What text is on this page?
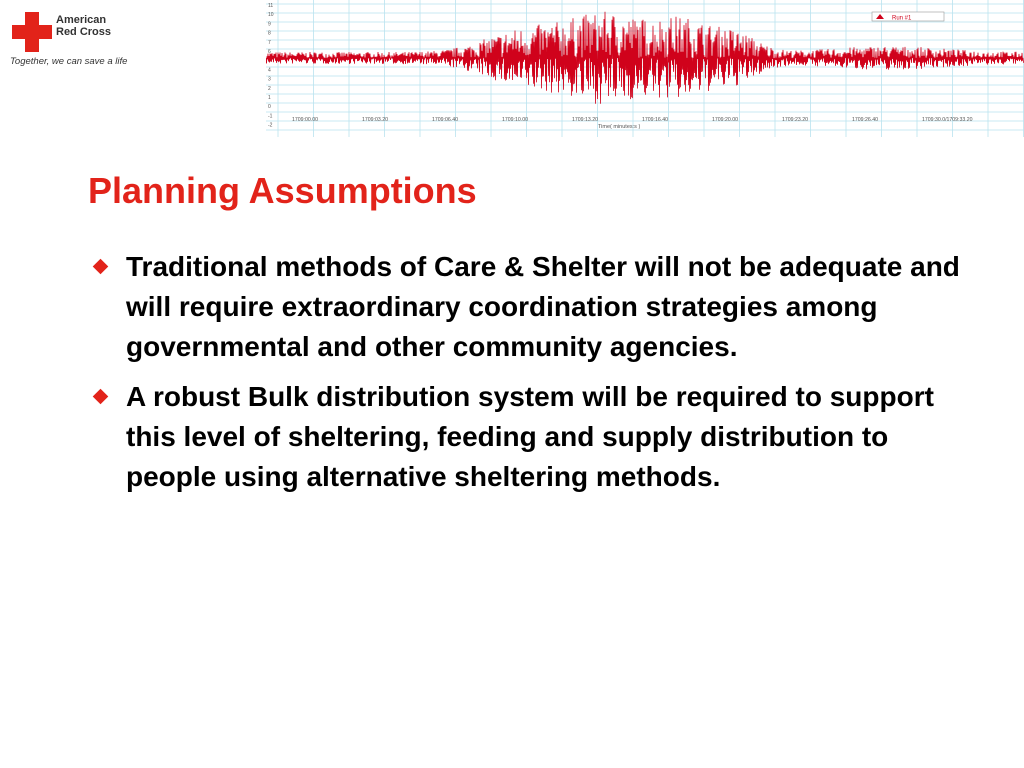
American
Red Cross
Together, we can save a life
11
10
9
8
7
6
5
4
3
2
1
0
-1
-2
Run #1
1709:00.00	1709:03.20	1709:06.40	1709:10.00	1709:13.20	1709:16.40	1709:20.00	1709:23.20	1709:26.40	1709:30.0/1709:33.20
Time( minutes:s )
Planning Assumptions
Traditional methods of Care & Shelter will not be adequate and will require extraordinary coordination strategies among governmental and other community agencies.
A robust Bulk distribution system will be required to support this level of sheltering, feeding and supply distribution to people using alternative sheltering methods.
